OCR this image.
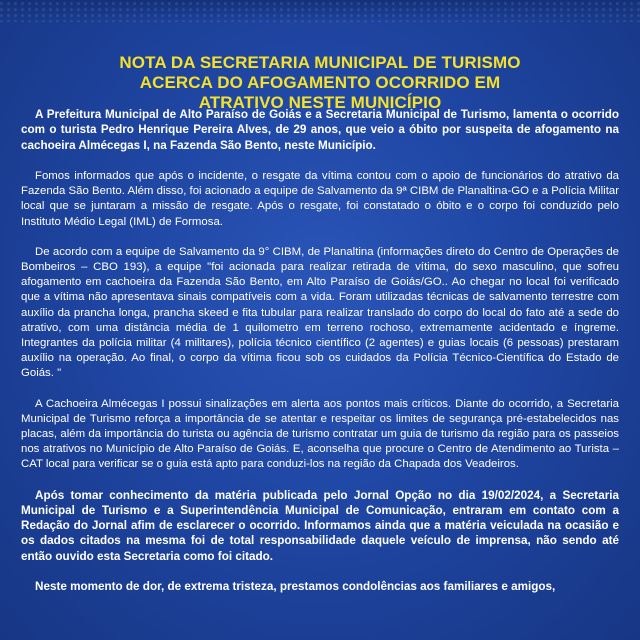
NOTA DA SECRETARIA MUNICIPAL DE TURISMO
ACERCA DO AFOGAMENTO OCORRIDO EM
ATRATIVO NESTE MUNICÍPIO

A Prefeitura Municipal de Alto Paraíso de Goiás e a Secretaria Municipal de Turismo, lamenta o ocorrido com o turista Pedro Henrique Pereira Alves, de 29 anos, que veio a óbito por suspeita de afogamento na cachoeira Almécegas I, na Fazenda São Bento, neste Município.

Fomos informados que após o incidente, o resgate da vítima contou com o apoio de funcionários do atrativo da Fazenda São Bento. Além disso, foi acionado a equipe de Salvamento da 9ª CIBM de Planaltina-GO e a Polícia Militar local que se juntaram a missão de resgate. Após o resgate, foi constatado o óbito e o corpo foi conduzido pelo Instituto Médio Legal (IML) de Formosa.

De acordo com a equipe de Salvamento da 9° CIBM, de Planaltina (informações direto do Centro de Operações de Bombeiros – CBO 193), a equipe "foi acionada para realizar retirada de vítima, do sexo masculino, que sofreu afogamento em cachoeira da Fazenda São Bento, em Alto Paraíso de Goiás/GO.. Ao chegar no local foi verificado que a vítima não apresentava sinais compatíveis com a vida. Foram utilizadas técnicas de salvamento terrestre com auxílio da prancha longa, prancha skeed e fita tubular para realizar translado do corpo do local do fato até a sede do atrativo, com uma distância média de 1 quilometro em terreno rochoso, extremamente acidentado e íngreme. Integrantes da polícia militar (4 militares), polícia técnico científico (2 agentes) e guias locais (6 pessoas) prestaram auxílio na operação. Ao final, o corpo da vítima ficou sob os cuidados da Polícia Técnico-Científica do Estado de Goiás. "

A Cachoeira Almécegas I possui sinalizações em alerta aos pontos mais críticos. Diante do ocorrido, a Secretaria Municipal de Turismo reforça a importância de se atentar e respeitar os limites de segurança pré-estabelecidos nas placas, além da importância do turista ou agência de turismo contratar um guia de turismo da região para os passeios nos atrativos no Município de Alto Paraíso de Goiás. E, aconselha que procure o Centro de Atendimento ao Turista – CAT local para verificar se o guia está apto para conduzi-los na região da Chapada dos Veadeiros.

Após tomar conhecimento da matéria publicada pelo Jornal Opção no dia 19/02/2024, a Secretaria Municipal de Turismo e a Superintendência Municipal de Comunicação, entraram em contato com a Redação do Jornal afim de esclarecer o ocorrido. Informamos ainda que a matéria veiculada na ocasião e os dados citados na mesma foi de total responsabilidade daquele veículo de imprensa, não sendo até então ouvido esta Secretaria como foi citado.

Neste momento de dor, de extrema tristeza, prestamos condolências aos familiares e amigos,
